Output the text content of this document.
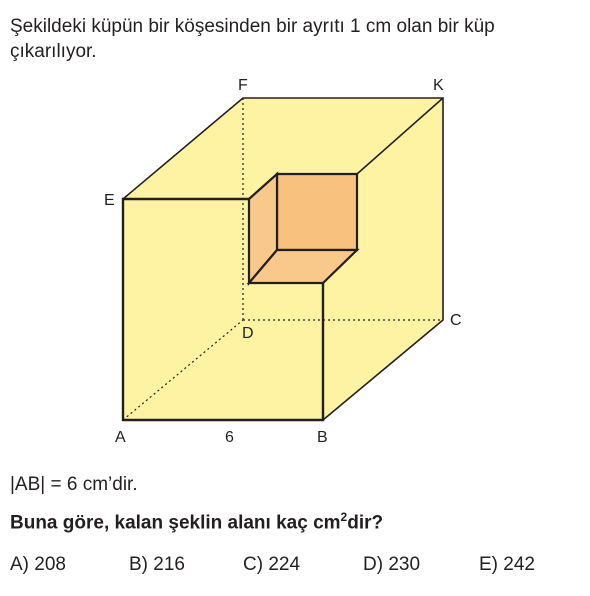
Şekildeki küpün bir köşesinden bir ayrıtı 1 cm olan bir küp çıkarılıyor.
F	K
E
C
D
A	6	B
|AB| = 6 cm’dir.
Buna göre, kalan şeklin alanı kaç $cm^2dir$?
A) 208	B) 216	C) 224	D) 230	E) 242
